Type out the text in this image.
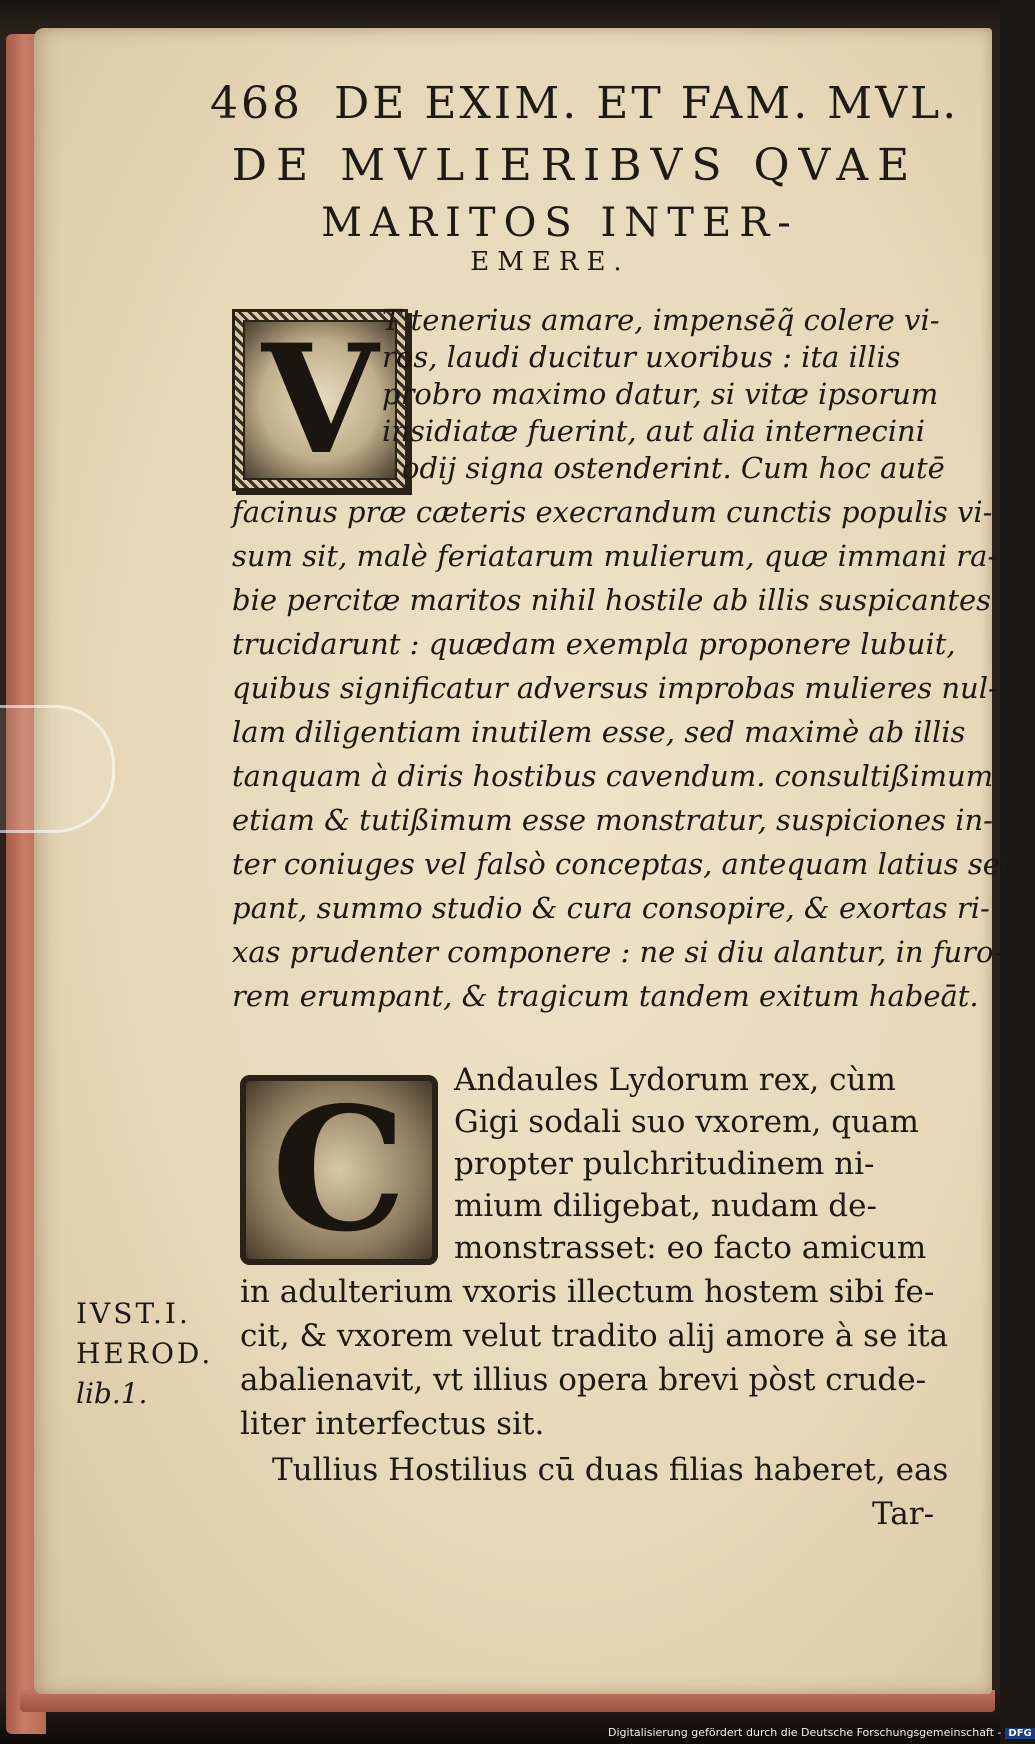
468 DE EXIM. ET FAM. MVL.
DE MVLIERIBVS QVAE
MARITOS INTER-
EMERE.
V T tenerius amare, impensēq̃ colere vi-
ros, laudi ducitur uxoribus : ita illis
probro maximo datur, si vitæ ipsorum
insidiatæ fuerint, aut alia internecini
odij signa ostenderint. Cum hoc autē
facinus præ cæteris execrandum cunctis populis vi-
sum sit, malè feriatarum mulierum, quæ immani ra-
bie percitæ maritos nihil hostile ab illis suspicantes
trucidarunt : quædam exempla proponere lubuit,
quibus significatur adversus improbas mulieres nul-
lam diligentiam inutilem esse, sed maximè ab illis
tanquam à diris hostibus cavendum. consultißimum
etiam & tutißimum esse monstratur, suspiciones in-
ter coniuges vel falsò conceptas, antequam latius ser-
pant, summo studio & cura consopire, & exortas ri-
xas prudenter componere : ne si diu alantur, in furo-
rem erumpant, & tragicum tandem exitum habeāt.
C Andaules Lydorum rex, cùm
Gigi sodali suo vxorem, quam
propter pulchritudinem ni-
mium diligebat, nudam de-
monstrasset: eo facto amicum
in adulterium vxoris illectum hostem sibi fe-
cit, & vxorem velut tradito alij amore à se ita
abalienavit, vt illius opera brevi pòst crude-
liter interfectus sit.
Tullius Hostilius cū duas filias haberet, eas
Tar-
IVST.I.
HEROD.
lib.1.
Digitalisierung gefördert durch die Deutsche Forschungsgemeinschaft - DFG
